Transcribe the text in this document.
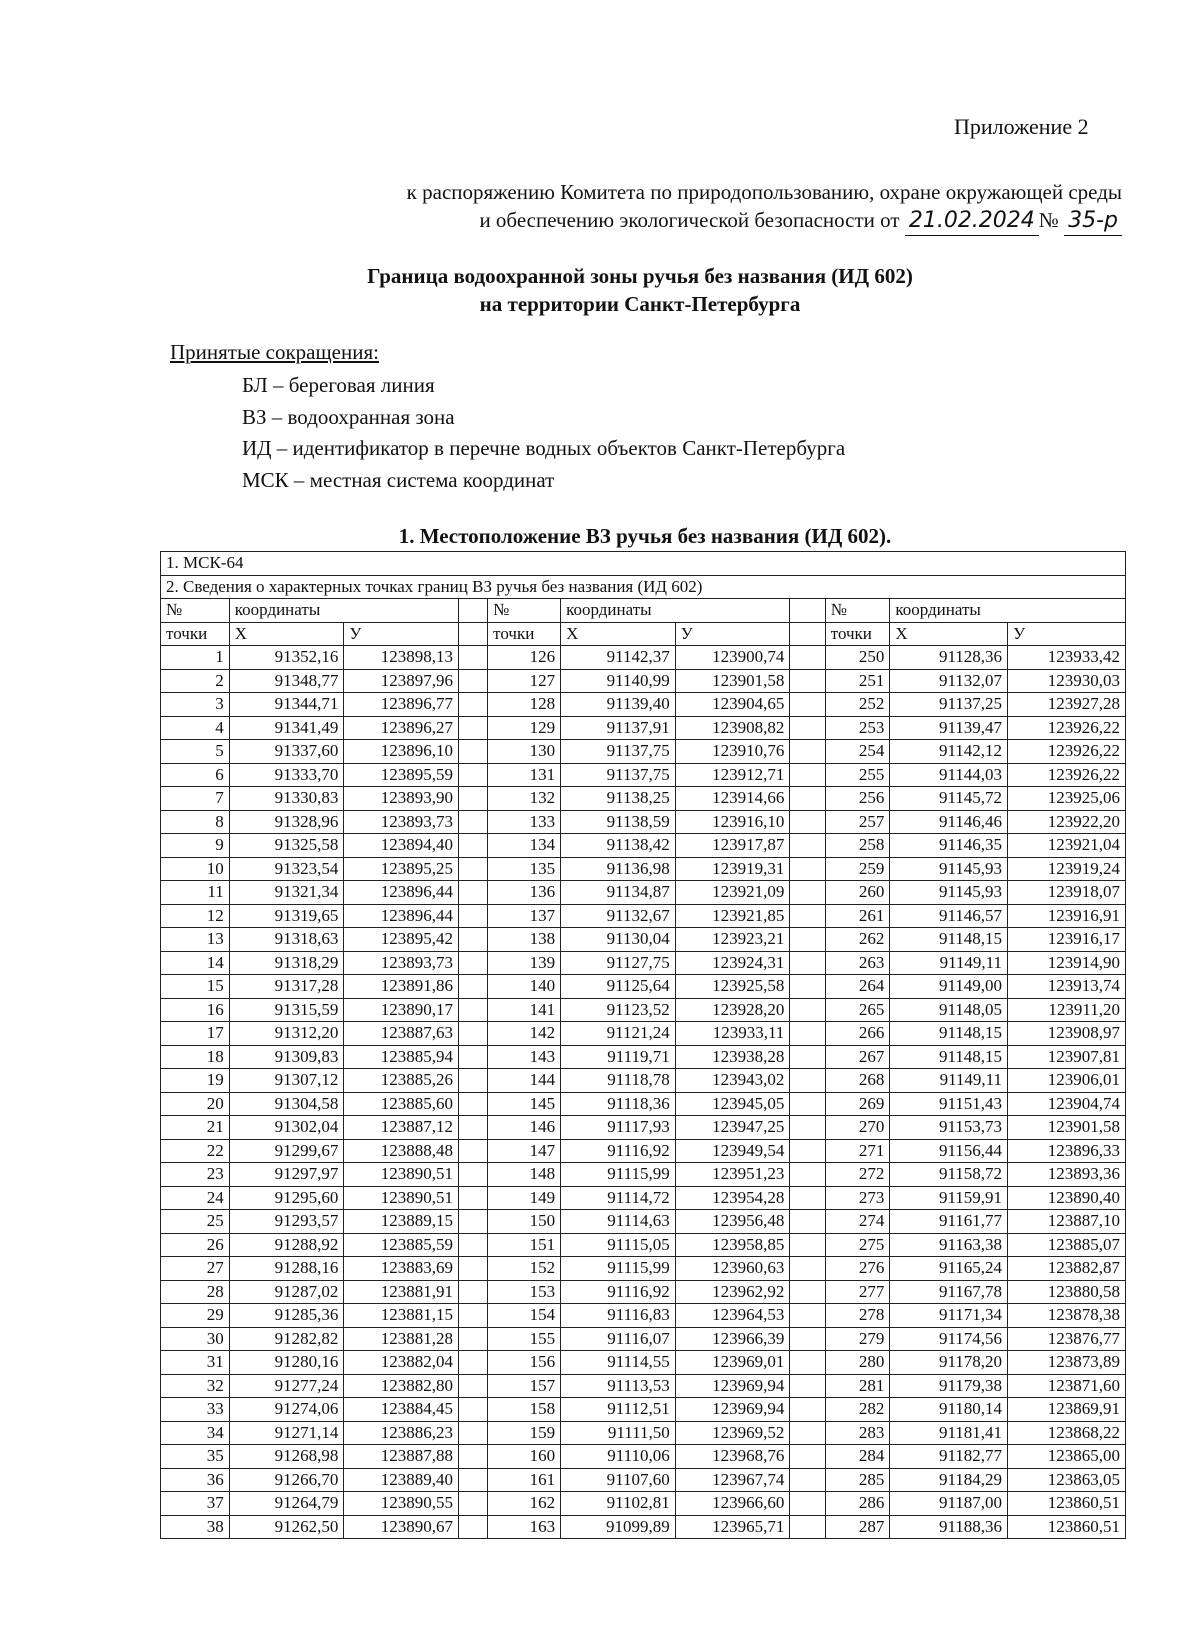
Приложение 2
к распоряжению Комитета по природопользованию, охране окружающей среды
и обеспечению экологической безопасности от 21.02.2024 № 35-р
Граница водоохранной зоны ручья без названия (ИД 602)
на территории Санкт-Петербурга
Принятые сокращения:
БЛ – береговая линия
ВЗ – водоохранная зона
ИД – идентификатор в перечне водных объектов Санкт-Петербурга
МСК – местная система координат
1. Местоположение ВЗ ручья без названия (ИД 602).
1. МСК-64										
2. Сведения о характерных точках границ ВЗ ручья без названия (ИД 602)										
№	координаты			№	координаты			№	координаты	
точки	X	У		точки	X	У		точки	X	У
1	91352,16	123898,13		126	91142,37	123900,74		250	91128,36	123933,42
2	91348,77	123897,96		127	91140,99	123901,58		251	91132,07	123930,03
3	91344,71	123896,77		128	91139,40	123904,65		252	91137,25	123927,28
4	91341,49	123896,27		129	91137,91	123908,82		253	91139,47	123926,22
5	91337,60	123896,10		130	91137,75	123910,76		254	91142,12	123926,22
6	91333,70	123895,59		131	91137,75	123912,71		255	91144,03	123926,22
7	91330,83	123893,90		132	91138,25	123914,66		256	91145,72	123925,06
8	91328,96	123893,73		133	91138,59	123916,10		257	91146,46	123922,20
9	91325,58	123894,40		134	91138,42	123917,87		258	91146,35	123921,04
10	91323,54	123895,25		135	91136,98	123919,31		259	91145,93	123919,24
11	91321,34	123896,44		136	91134,87	123921,09		260	91145,93	123918,07
12	91319,65	123896,44		137	91132,67	123921,85		261	91146,57	123916,91
13	91318,63	123895,42		138	91130,04	123923,21		262	91148,15	123916,17
14	91318,29	123893,73		139	91127,75	123924,31		263	91149,11	123914,90
15	91317,28	123891,86		140	91125,64	123925,58		264	91149,00	123913,74
16	91315,59	123890,17		141	91123,52	123928,20		265	91148,05	123911,20
17	91312,20	123887,63		142	91121,24	123933,11		266	91148,15	123908,97
18	91309,83	123885,94		143	91119,71	123938,28		267	91148,15	123907,81
19	91307,12	123885,26		144	91118,78	123943,02		268	91149,11	123906,01
20	91304,58	123885,60		145	91118,36	123945,05		269	91151,43	123904,74
21	91302,04	123887,12		146	91117,93	123947,25		270	91153,73	123901,58
22	91299,67	123888,48		147	91116,92	123949,54		271	91156,44	123896,33
23	91297,97	123890,51		148	91115,99	123951,23		272	91158,72	123893,36
24	91295,60	123890,51		149	91114,72	123954,28		273	91159,91	123890,40
25	91293,57	123889,15		150	91114,63	123956,48		274	91161,77	123887,10
26	91288,92	123885,59		151	91115,05	123958,85		275	91163,38	123885,07
27	91288,16	123883,69		152	91115,99	123960,63		276	91165,24	123882,87
28	91287,02	123881,91		153	91116,92	123962,92		277	91167,78	123880,58
29	91285,36	123881,15		154	91116,83	123964,53		278	91171,34	123878,38
30	91282,82	123881,28		155	91116,07	123966,39		279	91174,56	123876,77
31	91280,16	123882,04		156	91114,55	123969,01		280	91178,20	123873,89
32	91277,24	123882,80		157	91113,53	123969,94		281	91179,38	123871,60
33	91274,06	123884,45		158	91112,51	123969,94		282	91180,14	123869,91
34	91271,14	123886,23		159	91111,50	123969,52		283	91181,41	123868,22
35	91268,98	123887,88		160	91110,06	123968,76		284	91182,77	123865,00
36	91266,70	123889,40		161	91107,60	123967,74		285	91184,29	123863,05
37	91264,79	123890,55		162	91102,81	123966,60		286	91187,00	123860,51
38	91262,50	123890,67		163	91099,89	123965,71		287	91188,36	123860,51
